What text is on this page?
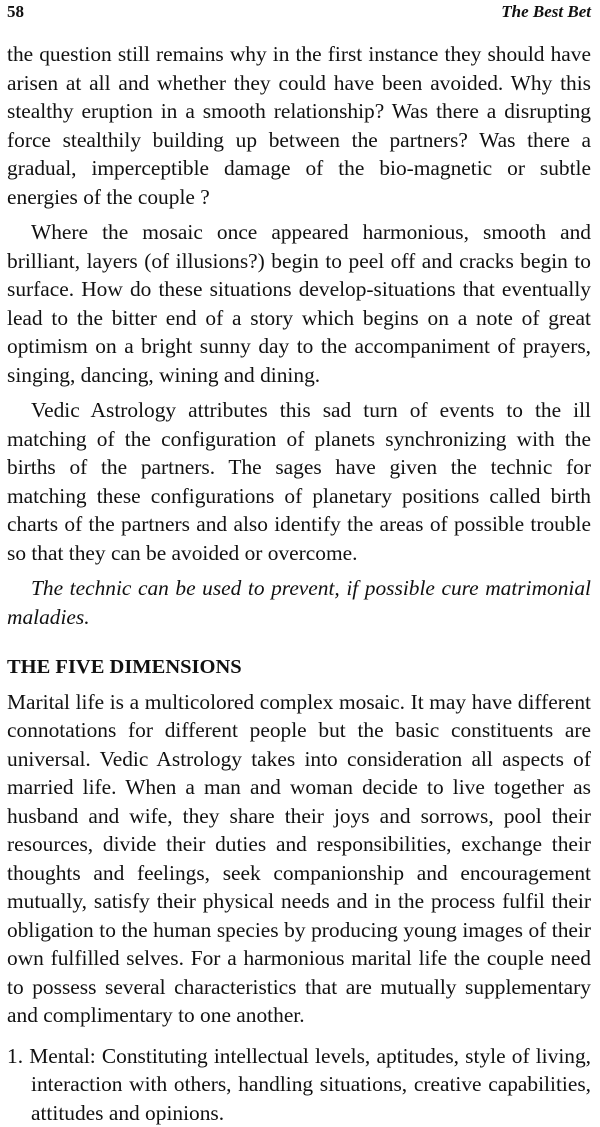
58	The Best Bet

the question still remains why in the first instance they should have arisen at all and whether they could have been avoided. Why this stealthy eruption in a smooth relationship? Was there a disrupting force stealthily building up between the partners? Was there a gradual, imperceptible damage of the bio-magnetic or subtle energies of the couple ?

Where the mosaic once appeared harmonious, smooth and brilliant, layers (of illusions?) begin to peel off and cracks begin to surface. How do these situations develop-situations that eventually lead to the bitter end of a story which begins on a note of great optimism on a bright sunny day to the accompaniment of prayers, singing, dancing, wining and dining.

Vedic Astrology attributes this sad turn of events to the ill matching of the configuration of planets synchronizing with the births of the partners. The sages have given the technic for matching these configurations of planetary positions called birth charts of the partners and also identify the areas of possible trouble so that they can be avoided or overcome.

The technic can be used to prevent, if possible cure matrimonial maladies.

THE FIVE DIMENSIONS

Marital life is a multicolored complex mosaic. It may have different connotations for different people but the basic constituents are universal. Vedic Astrology takes into consideration all aspects of married life. When a man and woman decide to live together as husband and wife, they share their joys and sorrows, pool their resources, divide their duties and responsibilities, exchange their thoughts and feelings, seek companionship and encouragement mutually, satisfy their physical needs and in the process fulfil their obligation to the human species by producing young images of their own fulfilled selves. For a harmonious marital life the couple need to possess several characteristics that are mutually supplementary and complimentary to one another.

1. Mental: Constituting intellectual levels, aptitudes, style of living, interaction with others, handling situations, creative capabilities, attitudes and opinions.
